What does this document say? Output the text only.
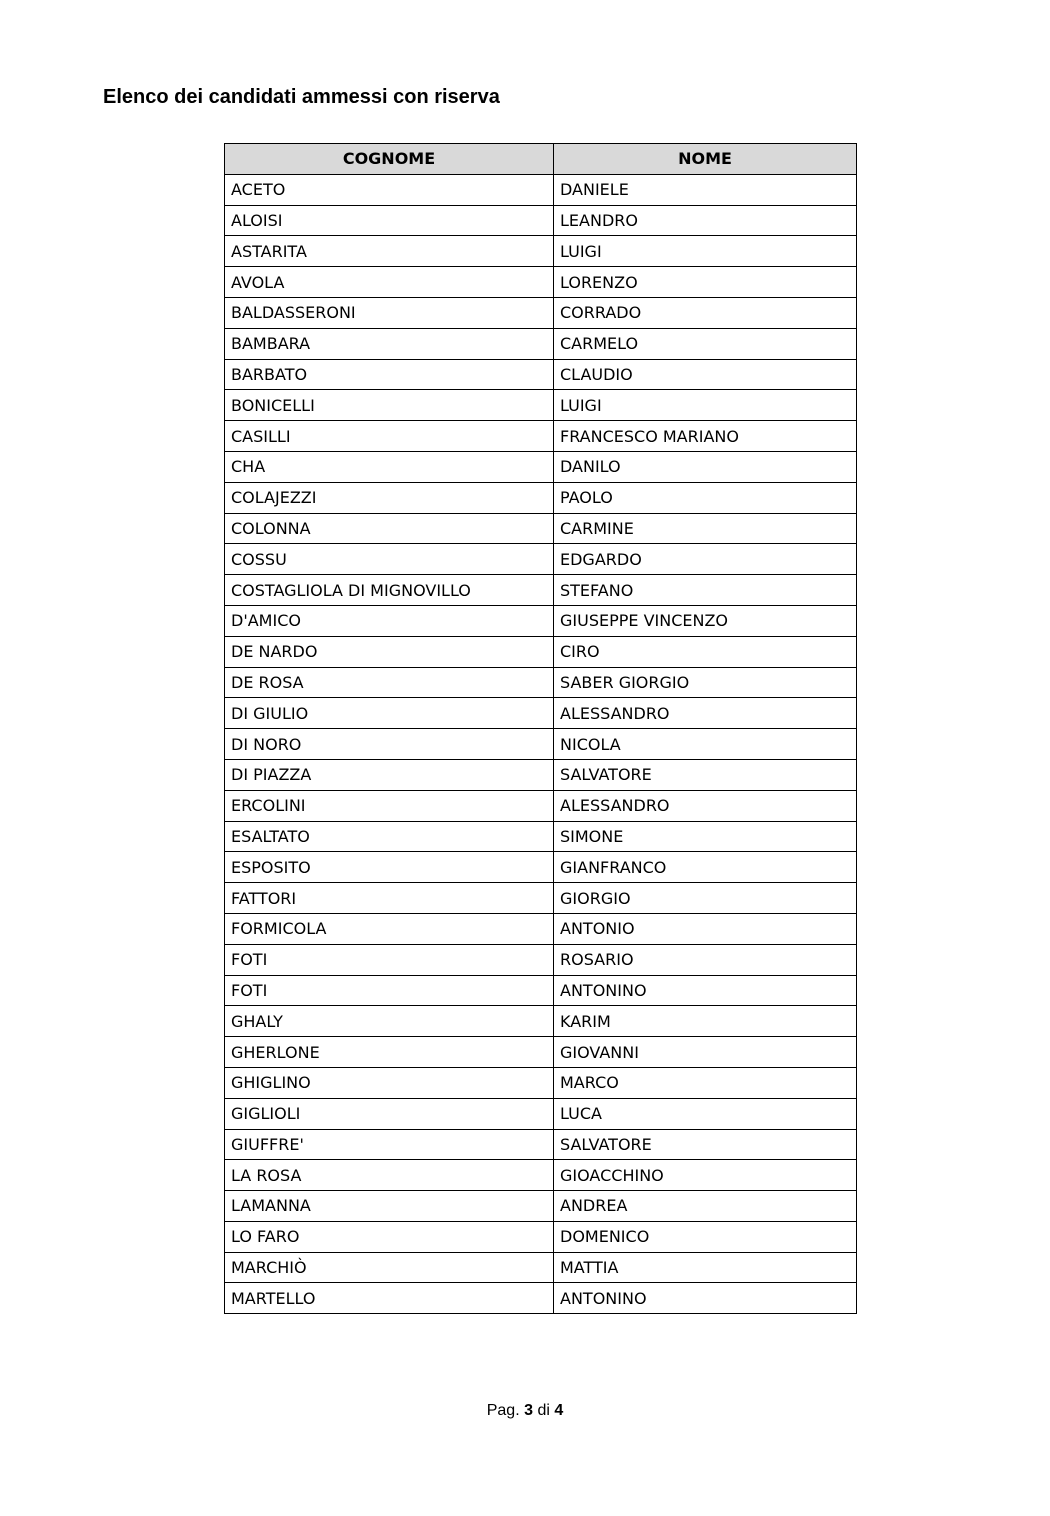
Elenco dei candidati ammessi con riserva
COGNOME	NOME
ACETO	DANIELE
ALOISI	LEANDRO
ASTARITA	LUIGI
AVOLA	LORENZO
BALDASSERONI	CORRADO
BAMBARA	CARMELO
BARBATO	CLAUDIO
BONICELLI	LUIGI
CASILLI	FRANCESCO MARIANO
CHA	DANILO
COLAJEZZI	PAOLO
COLONNA	CARMINE
COSSU	EDGARDO
COSTAGLIOLA DI MIGNOVILLO	STEFANO
D'AMICO	GIUSEPPE VINCENZO
DE NARDO	CIRO
DE ROSA	SABER GIORGIO
DI GIULIO	ALESSANDRO
DI NORO	NICOLA
DI PIAZZA	SALVATORE
ERCOLINI	ALESSANDRO
ESALTATO	SIMONE
ESPOSITO	GIANFRANCO
FATTORI	GIORGIO
FORMICOLA	ANTONIO
FOTI	ROSARIO
FOTI	ANTONINO
GHALY	KARIM
GHERLONE	GIOVANNI
GHIGLINO	MARCO
GIGLIOLI	LUCA
GIUFFRE'	SALVATORE
LA ROSA	GIOACCHINO
LAMANNA	ANDREA
LO FARO	DOMENICO
MARCHIÒ	MATTIA
MARTELLO	ANTONINO
Pag. 3 di 4
